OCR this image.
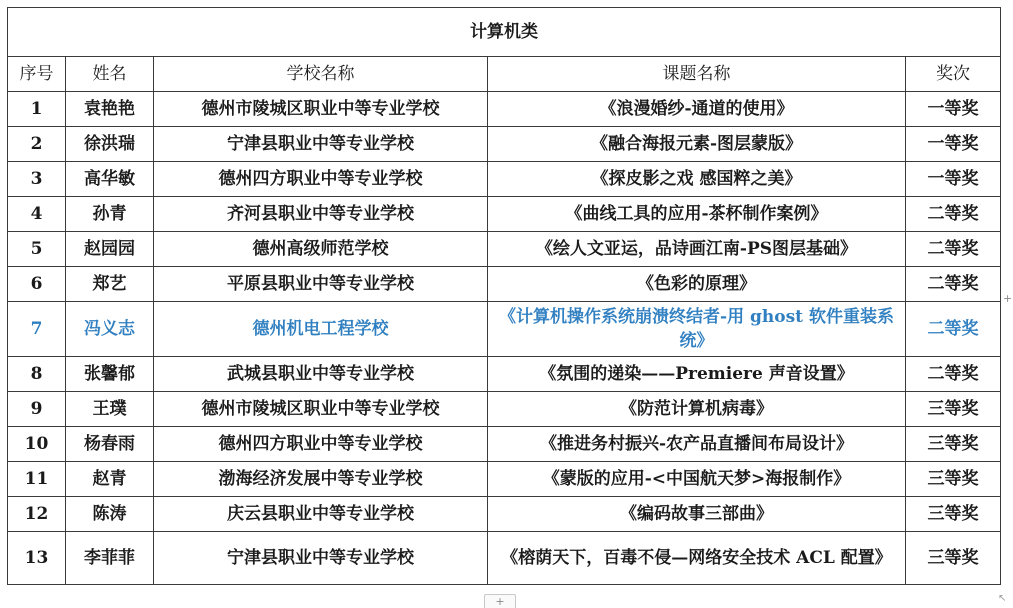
计算机类				
序号	姓名	学校名称	课题名称	奖次
1	袁艳艳	德州市陵城区职业中等专业学校	《浪漫婚纱-通道的使用》	一等奖
2	徐洪瑞	宁津县职业中等专业学校	《融合海报元素-图层蒙版》	一等奖
3	高华敏	德州四方职业中等专业学校	《探皮影之戏 感国粹之美》	一等奖
4	孙青	齐河县职业中等专业学校	《曲线工具的应用-茶杯制作案例》	二等奖
5	赵园园	德州高级师范学校	《绘人文亚运，品诗画江南-PS图层基础》	二等奖
6	郑艺	平原县职业中等专业学校	《色彩的原理》	二等奖
7	冯义志	德州机电工程学校	《计算机操作系统崩溃终结者-用 ghost 软件重装系统》	二等奖
8	张馨郁	武城县职业中等专业学校	《氛围的递染——Premiere 声音设置》	二等奖
9	王璞	德州市陵城区职业中等专业学校	《防范计算机病毒》	三等奖
10	杨春雨	德州四方职业中等专业学校	《推进务村振兴-农产品直播间布局设计》	三等奖
11	赵青	渤海经济发展中等专业学校	《蒙版的应用-<中国航天梦>海报制作》	三等奖
12	陈涛	庆云县职业中等专业学校	《编码故事三部曲》	三等奖
13	李菲菲	宁津县职业中等专业学校	《榕荫天下，百毒不侵—网络安全技术 ACL 配置》	三等奖
+
+	↖
